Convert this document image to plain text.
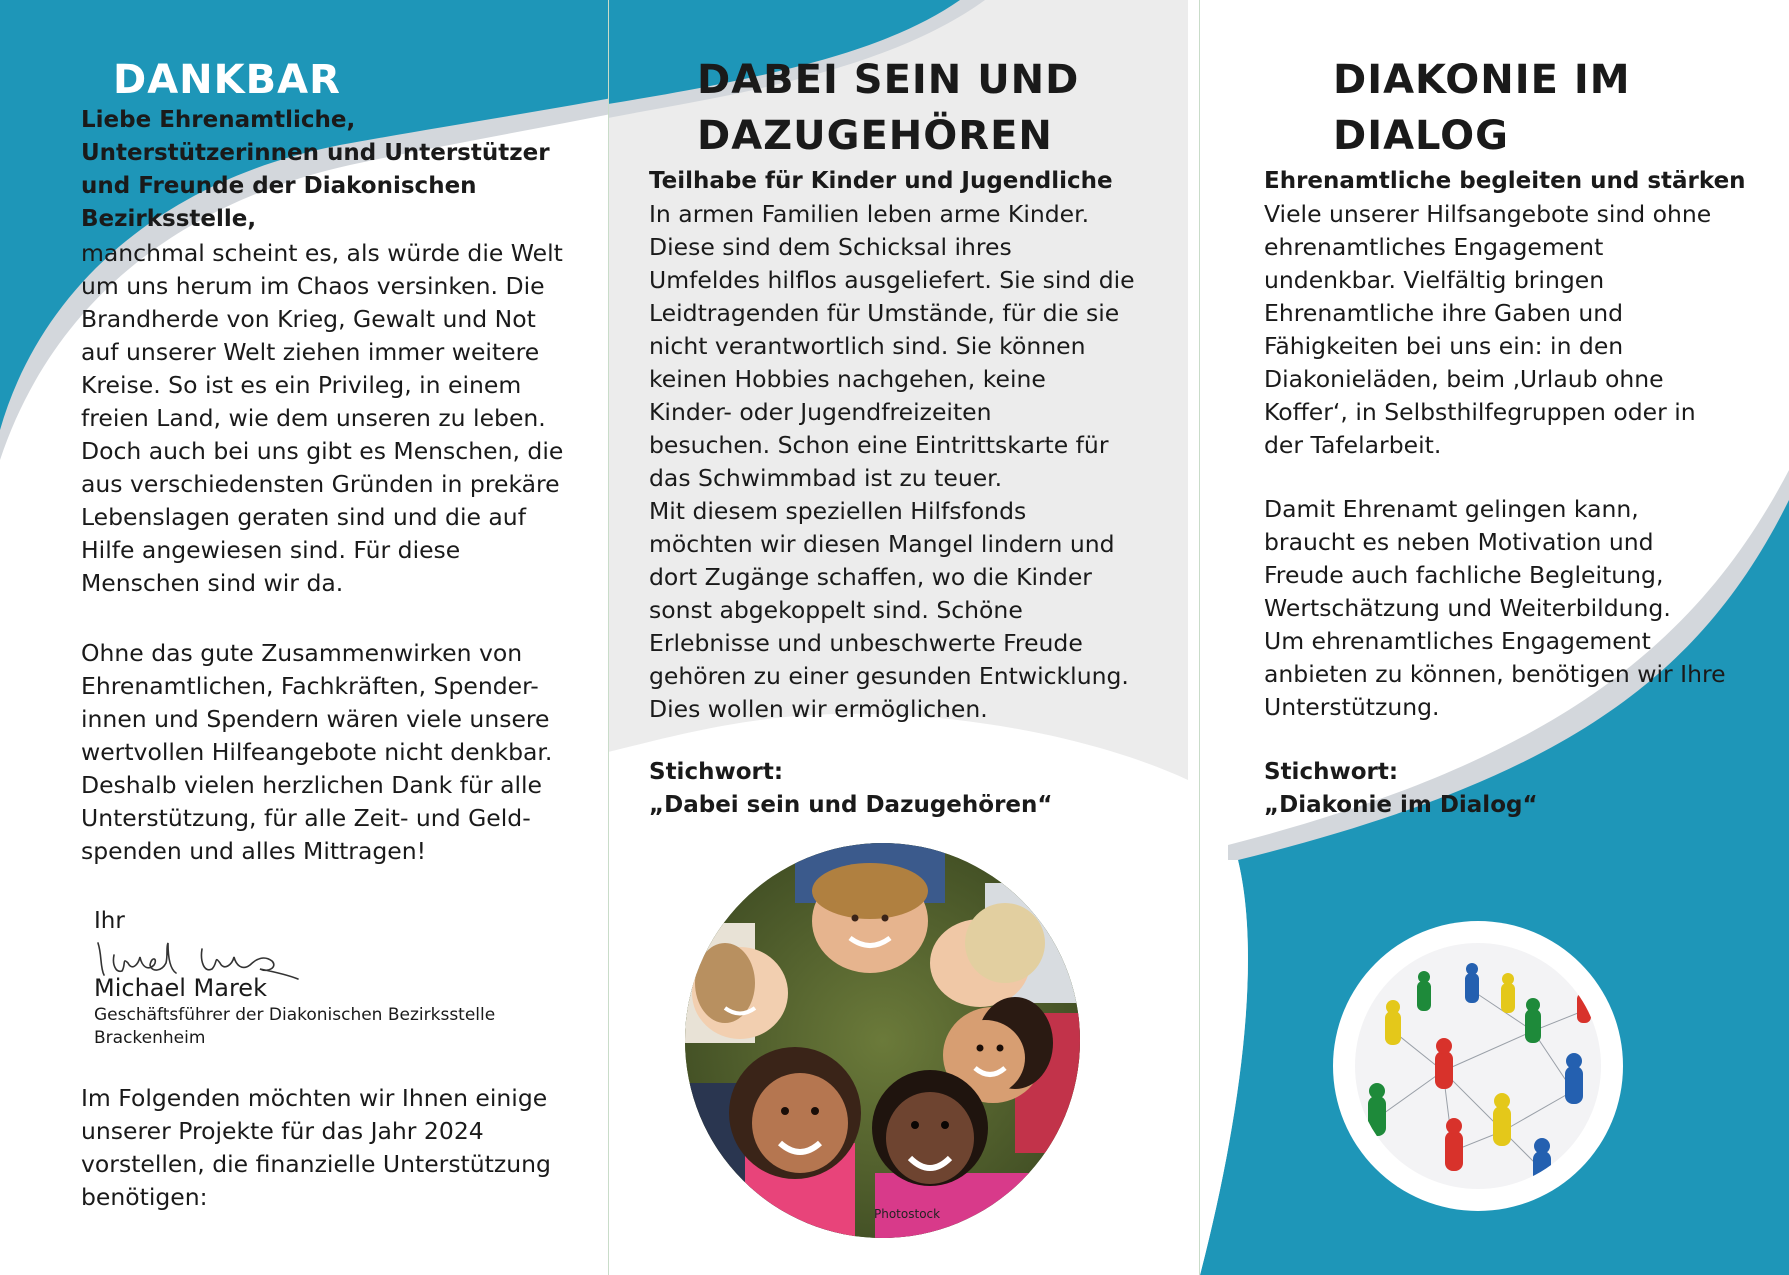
DANKBAR

Liebe Ehrenamtliche, Unterstützerinnen und Unterstützer und Freunde der Diakonischen Bezirksstelle,

manchmal scheint es, als würde die Welt
um uns herum im Chaos versinken. Die
Brandherde von Krieg, Gewalt und Not
auf unserer Welt ziehen immer weitere
Kreise. So ist es ein Privileg, in einem
freien Land, wie dem unseren zu leben.
Doch auch bei uns gibt es Menschen, die
aus verschiedensten Gründen in prekäre
Lebenslagen geraten sind und die auf
Hilfe angewiesen sind. Für diese
Menschen sind wir da.

Ohne das gute Zusammenwirken von
Ehrenamtlichen, Fachkräften, Spender-
innen und Spendern wären viele unsere
wertvollen Hilfeangebote nicht denkbar.
Deshalb vielen herzlichen Dank für alle
Unterstützung, für alle Zeit- und Geld-
spenden und alles Mittragen!

Ihr

Michael Marek

Geschäftsführer der Diakonischen Bezirksstelle

Brackenheim

Im Folgenden möchten wir Ihnen einige
unserer Projekte für das Jahr 2024
vorstellen, die finanzielle Unterstützung
benötigen:

DABEI SEIN UND
DAZUGEHÖREN

Teilhabe für Kinder und Jugendliche

In armen Familien leben arme Kinder.
Diese sind dem Schicksal ihres
Umfeldes hilflos ausgeliefert. Sie sind die
Leidtragenden für Umstände, für die sie
nicht verantwortlich sind. Sie können
keinen Hobbies nachgehen, keine
Kinder- oder Jugendfreizeiten
besuchen. Schon eine Eintrittskarte für
das Schwimmbad ist zu teuer.
Mit diesem speziellen Hilfsfonds
möchten wir diesen Mangel lindern und
dort Zugänge schaffen, wo die Kinder
sonst abgekoppelt sind. Schöne
Erlebnisse und unbeschwerte Freude
gehören zu einer gesunden Entwicklung.
Dies wollen wir ermöglichen.

Stichwort:

„Dabei sein und Dazugehören“

Photostock
DIAKONIE IM
DIALOG

Ehrenamtliche begleiten und stärken

Viele unserer Hilfsangebote sind ohne
ehrenamtliches Engagement
undenkbar. Vielfältig bringen
Ehrenamtliche ihre Gaben und
Fähigkeiten bei uns ein: in den
Diakonieläden, beim ‚Urlaub ohne
Koffer‘, in Selbsthilfegruppen oder in
der Tafelarbeit.

Damit Ehrenamt gelingen kann,
braucht es neben Motivation und
Freude auch fachliche Begleitung,
Wertschätzung und Weiterbildung.
Um ehrenamtliches Engagement
anbieten zu können, benötigen wir Ihre
Unterstützung.

Stichwort:

„Diakonie im Dialog“
